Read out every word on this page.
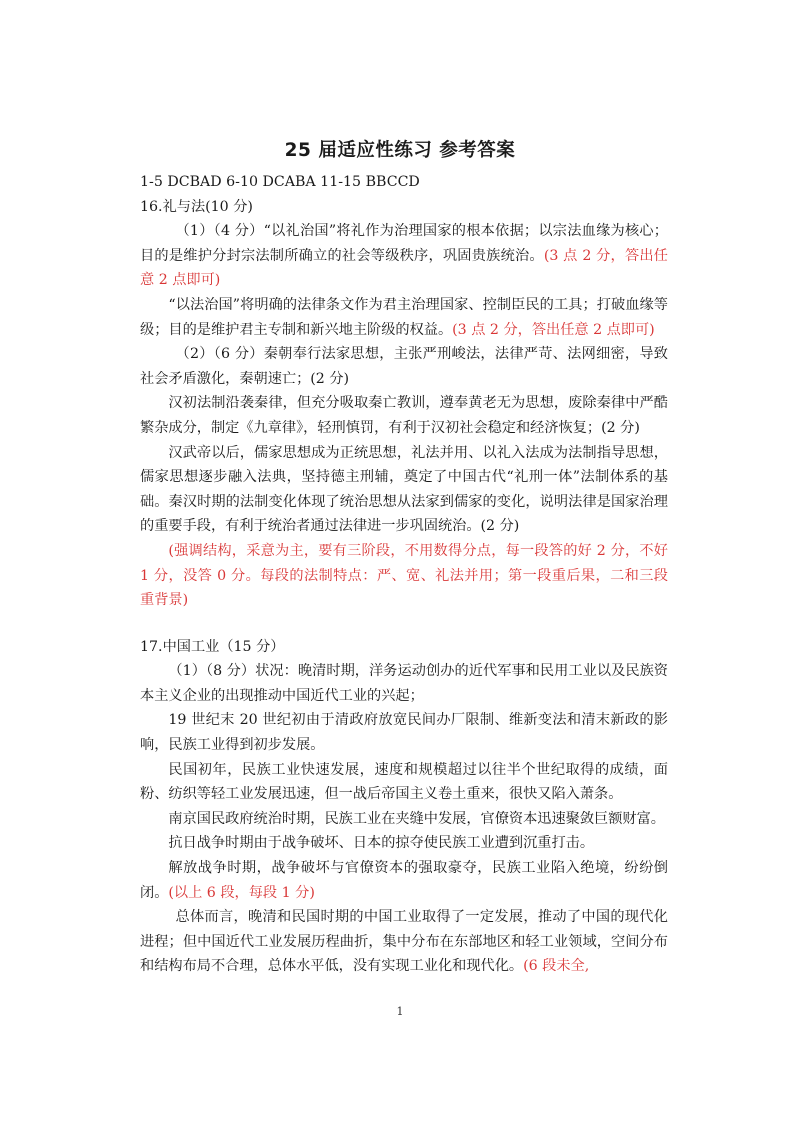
25 届适应性练习 参考答案

1-5 DCBAD 6-10 DCABA 11-15 BBCCD

16.礼与法(10 分)

（1）（4 分）“以礼治国”将礼作为治理国家的根本依据；以宗法血缘为核心；目的是维护分封宗法制所确立的社会等级秩序，巩固贵族统治。(3 点 2 分，答出任意 2 点即可)

“以法治国”将明确的法律条文作为君主治理国家、控制臣民的工具；打破血缘等级；目的是维护君主专制和新兴地主阶级的权益。(3 点 2 分，答出任意 2 点即可)

（2）（6 分）秦朝奉行法家思想，主张严刑峻法，法律严苛、法网细密，导致社会矛盾激化，秦朝速亡；(2 分)

汉初法制沿袭秦律，但充分吸取秦亡教训，遵奉黄老无为思想，废除秦律中严酷繁杂成分，制定《九章律》，轻刑慎罚，有利于汉初社会稳定和经济恢复；(2 分)

汉武帝以后，儒家思想成为正统思想，礼法并用、以礼入法成为法制指导思想，儒家思想逐步融入法典，坚持德主刑辅，奠定了中国古代“礼刑一体”法制体系的基础。秦汉时期的法制变化体现了统治思想从法家到儒家的变化，说明法律是国家治理的重要手段，有利于统治者通过法律进一步巩固统治。(2 分)

(强调结构，采意为主，要有三阶段，不用数得分点，每一段答的好 2 分，不好 1 分，没答 0 分。每段的法制特点：严、宽、礼法并用；第一段重后果，二和三段重背景)

17.中国工业（15 分）

（1）（8 分）状况：晚清时期，洋务运动创办的近代军事和民用工业以及民族资本主义企业的出现推动中国近代工业的兴起；

19 世纪末 20 世纪初由于清政府放宽民间办厂限制、维新变法和清末新政的影响，民族工业得到初步发展。

民国初年，民族工业快速发展，速度和规模超过以往半个世纪取得的成绩，面粉、纺织等轻工业发展迅速，但一战后帝国主义卷土重来，很快又陷入萧条。

南京国民政府统治时期，民族工业在夹缝中发展，官僚资本迅速聚敛巨额财富。

抗日战争时期由于战争破坏、日本的掠夺使民族工业遭到沉重打击。

解放战争时期，战争破坏与官僚资本的强取豪夺，民族工业陷入绝境，纷纷倒闭。(以上 6 段，每段 1 分)

总体而言，晚清和民国时期的中国工业取得了一定发展，推动了中国的现代化进程；但中国近代工业发展历程曲折，集中分布在东部地区和轻工业领域，空间分布和结构布局不合理，总体水平低，没有实现工业化和现代化。(6 段未全,

1
